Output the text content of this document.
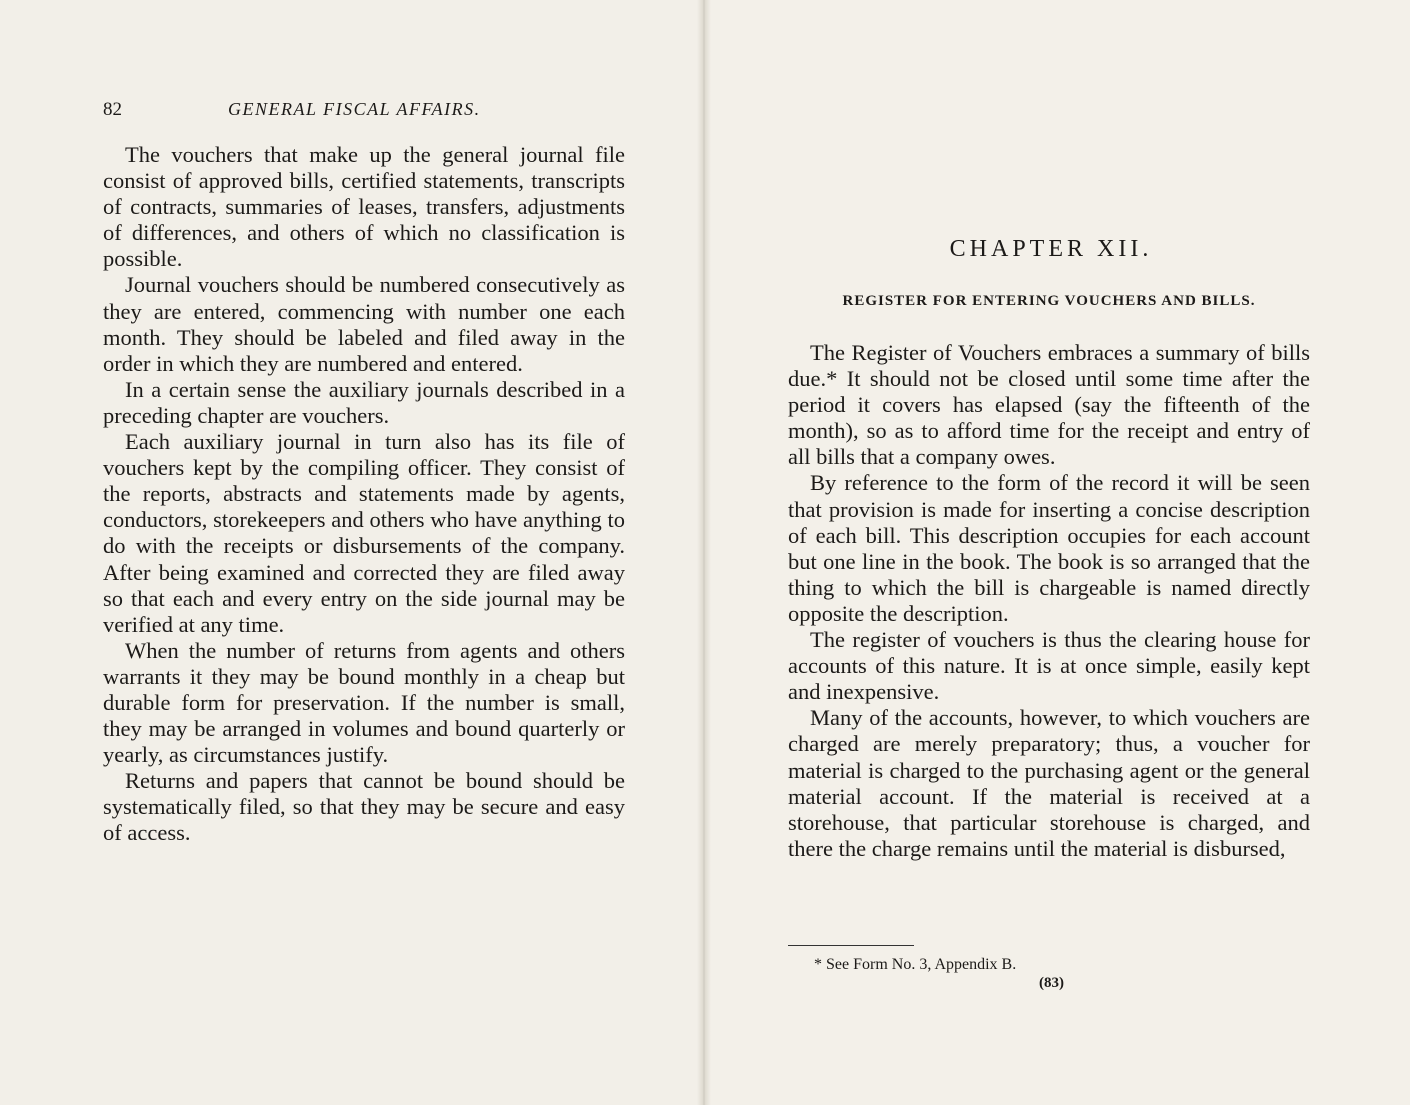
82	GENERAL FISCAL AFFAIRS.

The vouchers that make up the general journal file consist of approved bills, certified statements, transcripts of contracts, summaries of leases, transfers, adjustments of differences, and others of which no classification is possible.

Journal vouchers should be numbered consecutively as they are entered, commencing with number one each month. They should be labeled and filed away in the order in which they are numbered and entered.

In a certain sense the auxiliary journals described in a preceding chapter are vouchers.

Each auxiliary journal in turn also has its file of vouchers kept by the compiling officer. They consist of the reports, abstracts and statements made by agents, conductors, storekeepers and others who have anything to do with the receipts or disbursements of the company. After being examined and corrected they are filed away so that each and every entry on the side journal may be verified at any time.

When the number of returns from agents and others warrants it they may be bound monthly in a cheap but durable form for preservation. If the number is small, they may be arranged in volumes and bound quarterly or yearly, as circumstances justify.

Returns and papers that cannot be bound should be systematically filed, so that they may be secure and easy of access.

CHAPTER XII.
REGISTER FOR ENTERING VOUCHERS AND BILLS.

The Register of Vouchers embraces a summary of bills due.* It should not be closed until some time after the period it covers has elapsed (say the fifteenth of the month), so as to afford time for the receipt and entry of all bills that a company owes.

By reference to the form of the record it will be seen that provision is made for inserting a concise description of each bill. This description occupies for each account but one line in the book. The book is so arranged that the thing to which the bill is chargeable is named directly opposite the description.

The register of vouchers is thus the clearing house for accounts of this nature. It is at once simple, easily kept and inexpensive.

Many of the accounts, however, to which vouchers are charged are merely preparatory; thus, a voucher for material is charged to the purchasing agent or the general material account. If the material is received at a storehouse, that particular storehouse is charged, and there the charge remains until the material is disbursed,

* See Form No. 3, Appendix B.
(83)
